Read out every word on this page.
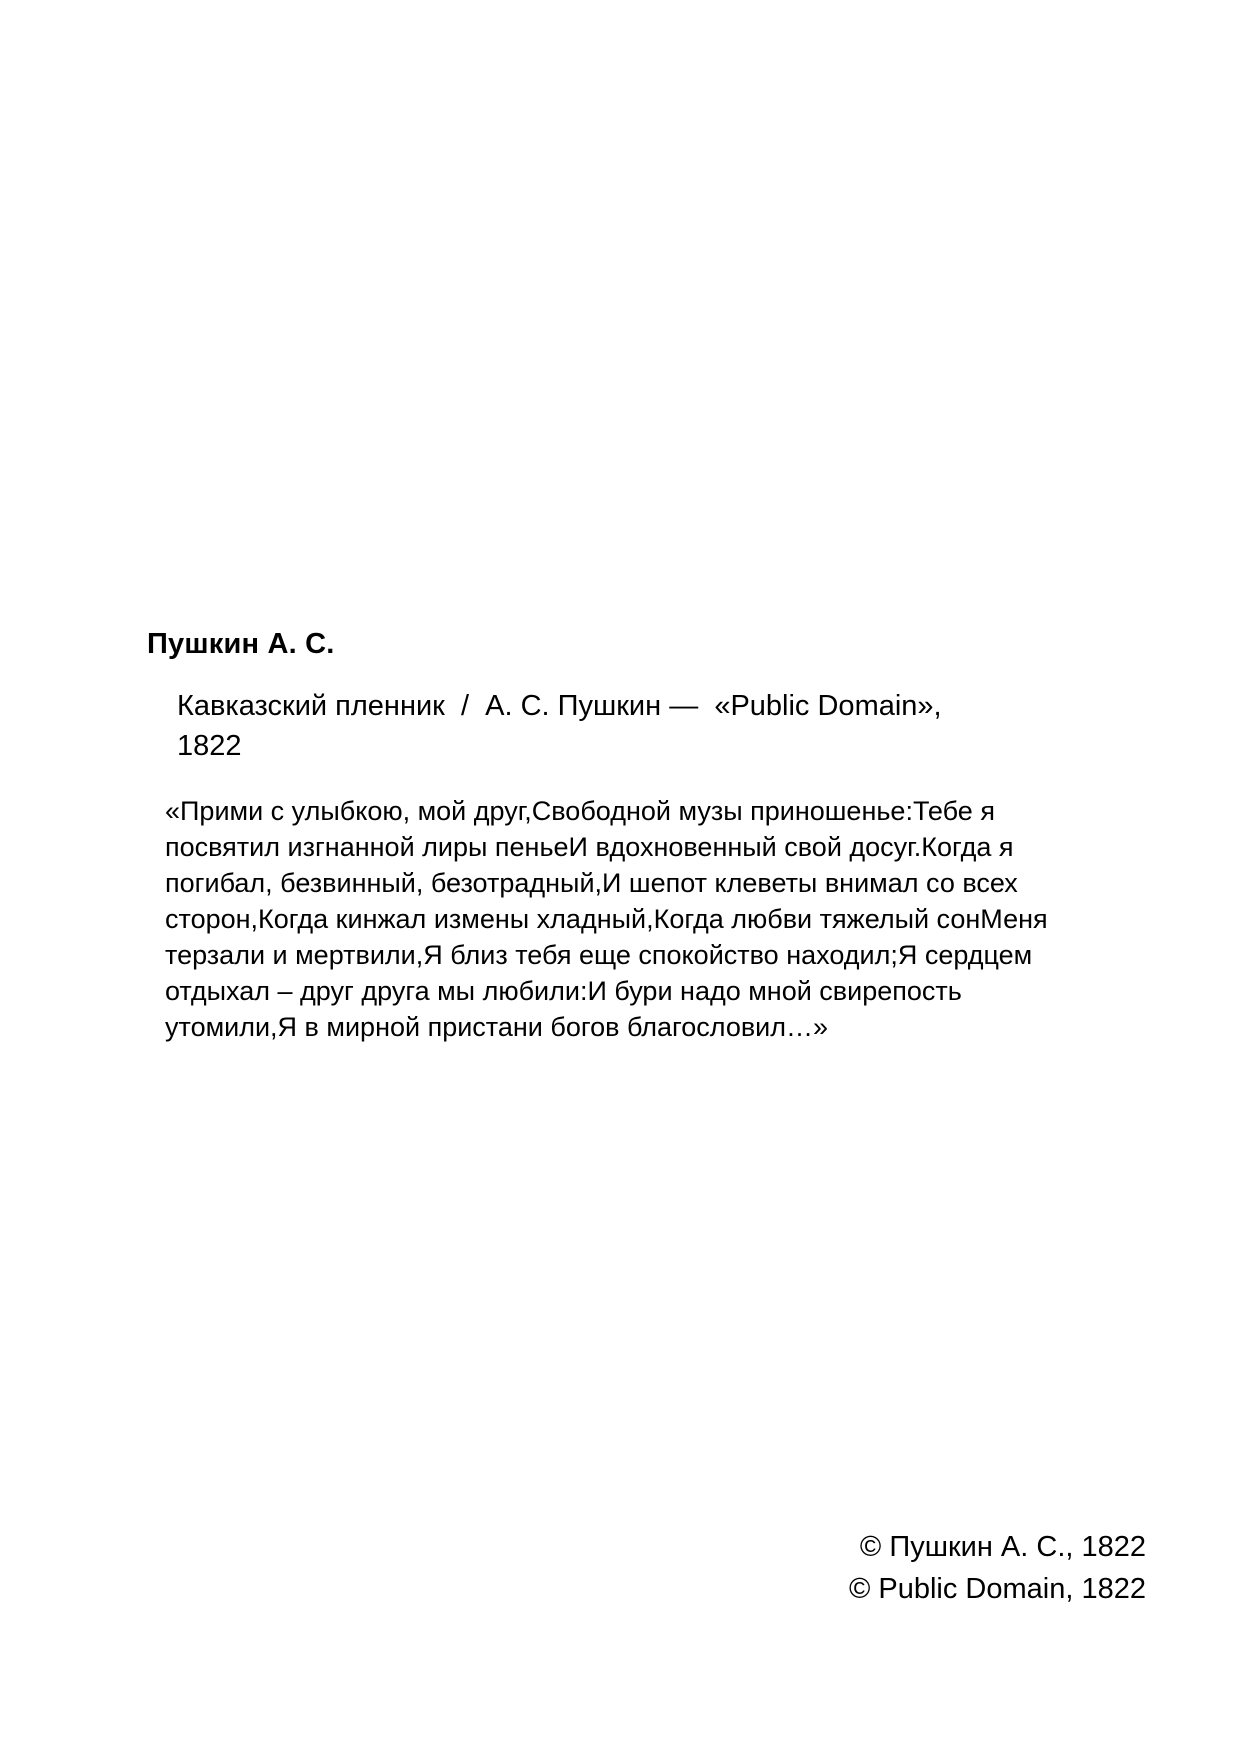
Пушкин А. С.
Кавказский пленник  /  А. С. Пушкин —  «Public Domain»,
1822
«Прими с улыбкою, мой друг,Свободной музы приношенье:Тебе я
посвятил изгнанной лиры пеньеИ вдохновенный свой досуг.Когда я
погибал, безвинный, безотрадный,И шепот клеветы внимал со всех
сторон,Когда кинжал измены хладный,Когда любви тяжелый сонМеня
терзали и мертвили,Я близ тебя еще спокойство находил;Я сердцем
отдыхал – друг друга мы любили:И бури надо мной свирепость
утомили,Я в мирной пристани богов благословил…»
© Пушкин А. С., 1822
© Public Domain, 1822
